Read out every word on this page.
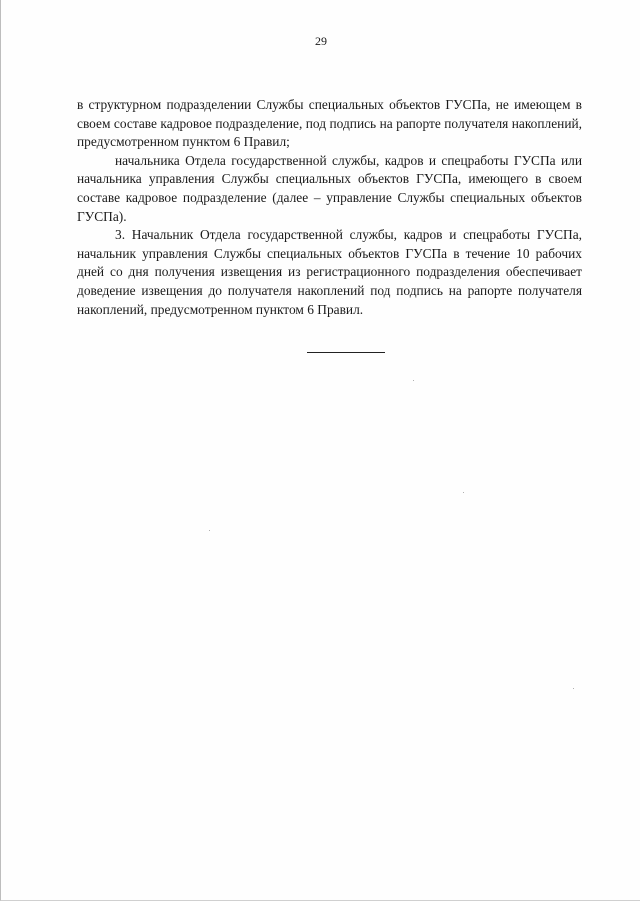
29

в структурном подразделении Службы специальных объектов ГУСПа, не имеющем в своем составе кадровое подразделение, под подпись на рапорте получателя накоплений, предусмотренном пунктом 6 Правил;

начальника Отдела государственной службы, кадров и спецработы ГУСПа или начальника управления Службы специальных объектов ГУСПа, имеющего в своем составе кадровое подразделение (далее – управление Службы специальных объектов ГУСПа).

3. Начальник Отдела государственной службы, кадров и спецработы ГУСПа, начальник управления Службы специальных объектов ГУСПа в течение 10 рабочих дней со дня получения извещения из регистрационного подразделения обеспечивает доведение извещения до получателя накоплений под подпись на рапорте получателя накоплений, предусмотренном пунктом 6 Правил.
